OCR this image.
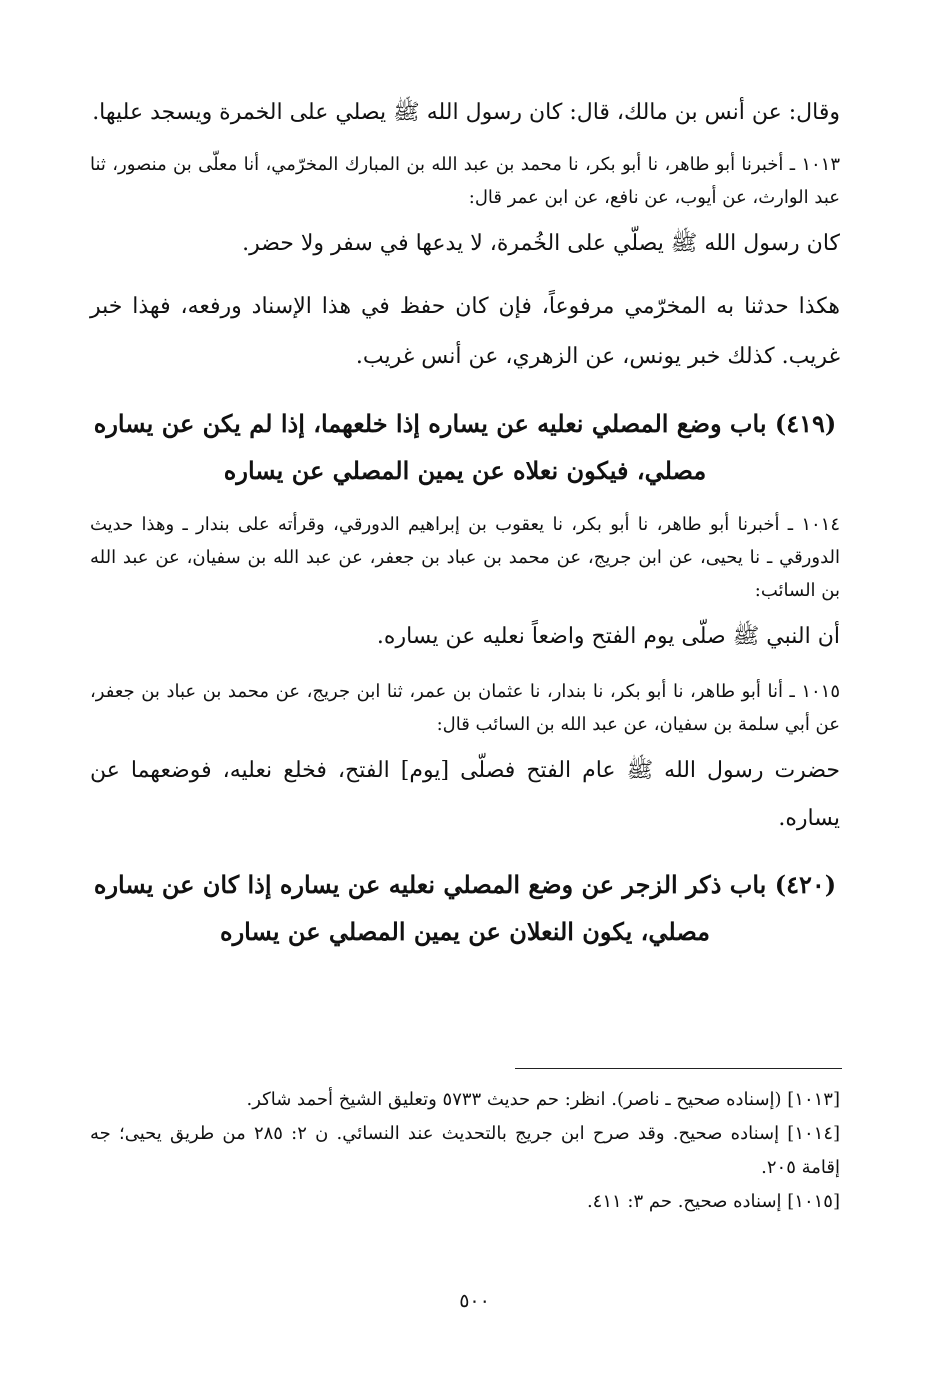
وقال: عن أنس بن مالك، قال: كان رسول الله ﷺ يصلي على الخمرة ويسجد عليها.

١٠١٣ ـ أخبرنا أبو طاهر، نا أبو بكر، نا محمد بن عبد الله بن المبارك المخرّمي، أنا معلّى بن منصور، ثنا عبد الوارث، عن أيوب، عن نافع، عن ابن عمر قال:

كان رسول الله ﷺ يصلّي على الخُمرة، لا يدعها في سفر ولا حضر.

هكذا حدثنا به المخرّمي مرفوعاً، فإن كان حفظ في هذا الإسناد ورفعه، فهذا خبر غريب. كذلك خبر يونس، عن الزهري، عن أنس غريب.

(٤١٩) باب وضع المصلي نعليه عن يساره إذا خلعهما، إذا لم يكن عن يساره مصلي، فيكون نعلاه عن يمين المصلي عن يساره

١٠١٤ ـ أخبرنا أبو طاهر، نا أبو بكر، نا يعقوب بن إبراهيم الدورقي، وقرأته على بندار ـ وهذا حديث الدورقي ـ نا يحيى، عن ابن جريج، عن محمد بن عباد بن جعفر، عن عبد الله بن سفيان، عن عبد الله بن السائب:

أن النبي ﷺ صلّى يوم الفتح واضعاً نعليه عن يساره.

١٠١٥ ـ أنا أبو طاهر، نا أبو بكر، نا بندار، نا عثمان بن عمر، ثنا ابن جريج، عن محمد بن عباد بن جعفر، عن أبي سلمة بن سفيان، عن عبد الله بن السائب قال:

حضرت رسول الله ﷺ عام الفتح فصلّى [يوم] الفتح، فخلع نعليه، فوضعهما عن يساره.

(٤٢٠) باب ذكر الزجر عن وضع المصلي نعليه عن يساره إذا كان عن يساره مصلي، يكون النعلان عن يمين المصلي عن يساره

[١٠١٣] (إسناده صحيح ـ ناصر). انظر: حم حديث ٥٧٣٣ وتعليق الشيخ أحمد شاكر.

[١٠١٤] إسناده صحيح. وقد صرح ابن جريج بالتحديث عند النسائي. ن ٢: ٢٨٥ من طريق يحيى؛ جه إقامة ٢٠٥.

[١٠١٥] إسناده صحيح. حم ٣: ٤١١.

٥٠٠
